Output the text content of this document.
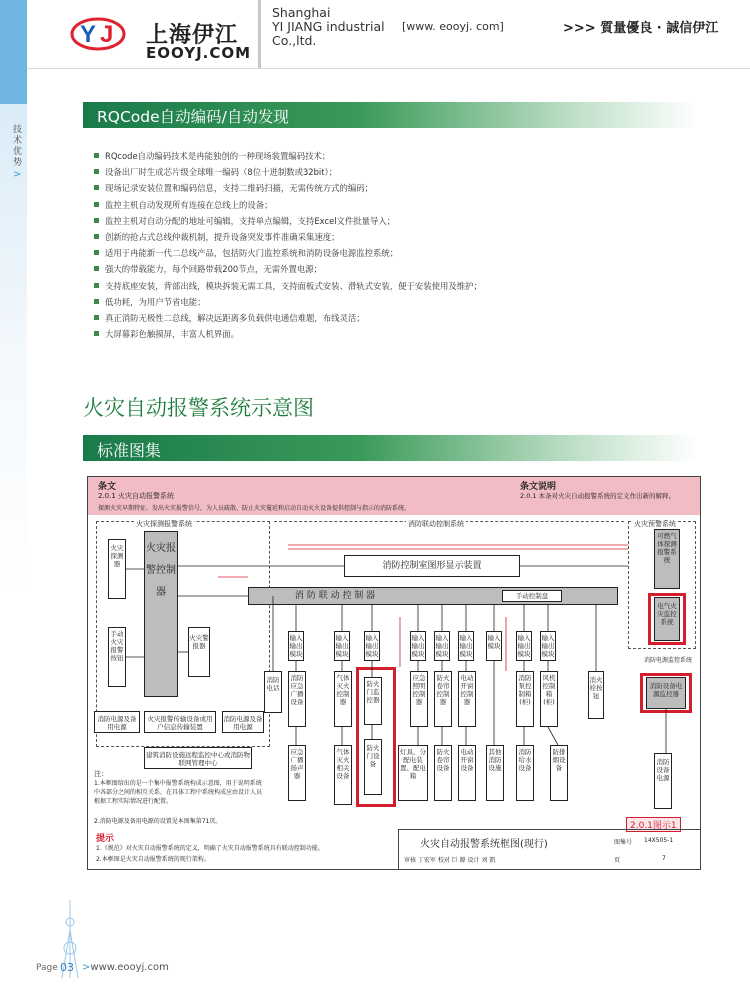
技术优势
>
Y J 上海伊江
EOOYJ.COM
Shanghai
YI JIANG industrial
Co.,ltd.
[www. eooyj. com]	>>> 質量優良 · 誠信伊江
RQCode自动编码/自动发现
RQcode自动编码技术是冉能独创的一种现场装置编码技术；
设备出厂时生成芯片级全球唯一编码（8位十进制数或32bit）；
现场记录安装位置和编码信息，支持二维码扫描，无需传统方式的编码；
监控主机自动发现所有连接在总线上的设备；
监控主机对自动分配的地址可编辑，支持单点编辑，支持Excel文件批量导入；
创新的抢占式总线仲裁机制，提升设备突发事件准确采集速度；
适用于冉能新一代二总线产品，包括防火门监控系统和消防设备电源监控系统；
强大的带载能力，每个回路带载200节点，无需外置电源；
支持底座安装，背部出线，模块拆装无需工具，支持面板式安装、滑轨式安装，便于安装使用及维护；
低功耗，为用户节省电能；
真正消防无极性二总线，解决远距离多负载供电通信难题，布线灵活；
大屏幕彩色触摸屏，丰富人机界面。
火灾自动报警系统示意图
标准图集
条文
2.0.1 火灾自动报警系统
探测火灾早期特征、发出火灾报警信号，为人员疏散、防止火灾蔓延和启动自动灭火设备提供控制与指示的消防系统。
条文说明
2.0.1 本条对火灾自动报警系统的定义作出新的解释。
火灾探测报警系统	消防联动控制系统	火灾预警系统
火灾探测器
手动火灾报警按钮
火灾报警控制器
火灾警报器
消防电源及备用电源
火灾报警传输设备或用户信息传输装置
消防电源及备用电源
建筑消防设施远程监控中心或消防物联网管理中心
消防控制室图形显示装置
消 防 联 动 控 制 器	手动控制盘
可燃气体探测报警系统
电气火灾监控系统
消防电源监控系统
消防设备电源监控器
消防设备电源
输入输出模块
输入输出模块
输入输出模块
输入输出模块
输入输出模块
输入输出模块
输入模块
输入输出模块
输入输出模块
消防电话
消防应急广播设备
气体灭火控制器
防火门监控器
应急照明控制器
防火卷帘控制器
电动开窗控制器
消防泵控制箱(柜)
风机控制箱(柜)
消火栓按钮
应急广播扬声器
气体灭火相关设备
防火门设备
灯具、分配电装置、配电箱
防火卷帘设备
电动开窗设备
其他消防设施
消防给水设备
防排烟设备
注：
1.本框图给出的是一个集中报警系统构成示意图，用于说明系统中各部分之间的相互关系，在具体工程中系统构成应由设计人员根据工程实际情况进行配置。
2.消防电源及备用电源的设置见本图集第71页。	2.0.1图示1
提示
1.《规范》对火灾自动报警系统的定义，明确了火灾自动报警系统具有联动控制功能。
2.本框图是火灾自动报警系统的现行架构。
火灾自动报警系统框图(现行)	图集号 14X505-1
审核 丁宏军 校对 巨 源 设计 刘 凯	页	7
Page 03 >www.eooyj.com
